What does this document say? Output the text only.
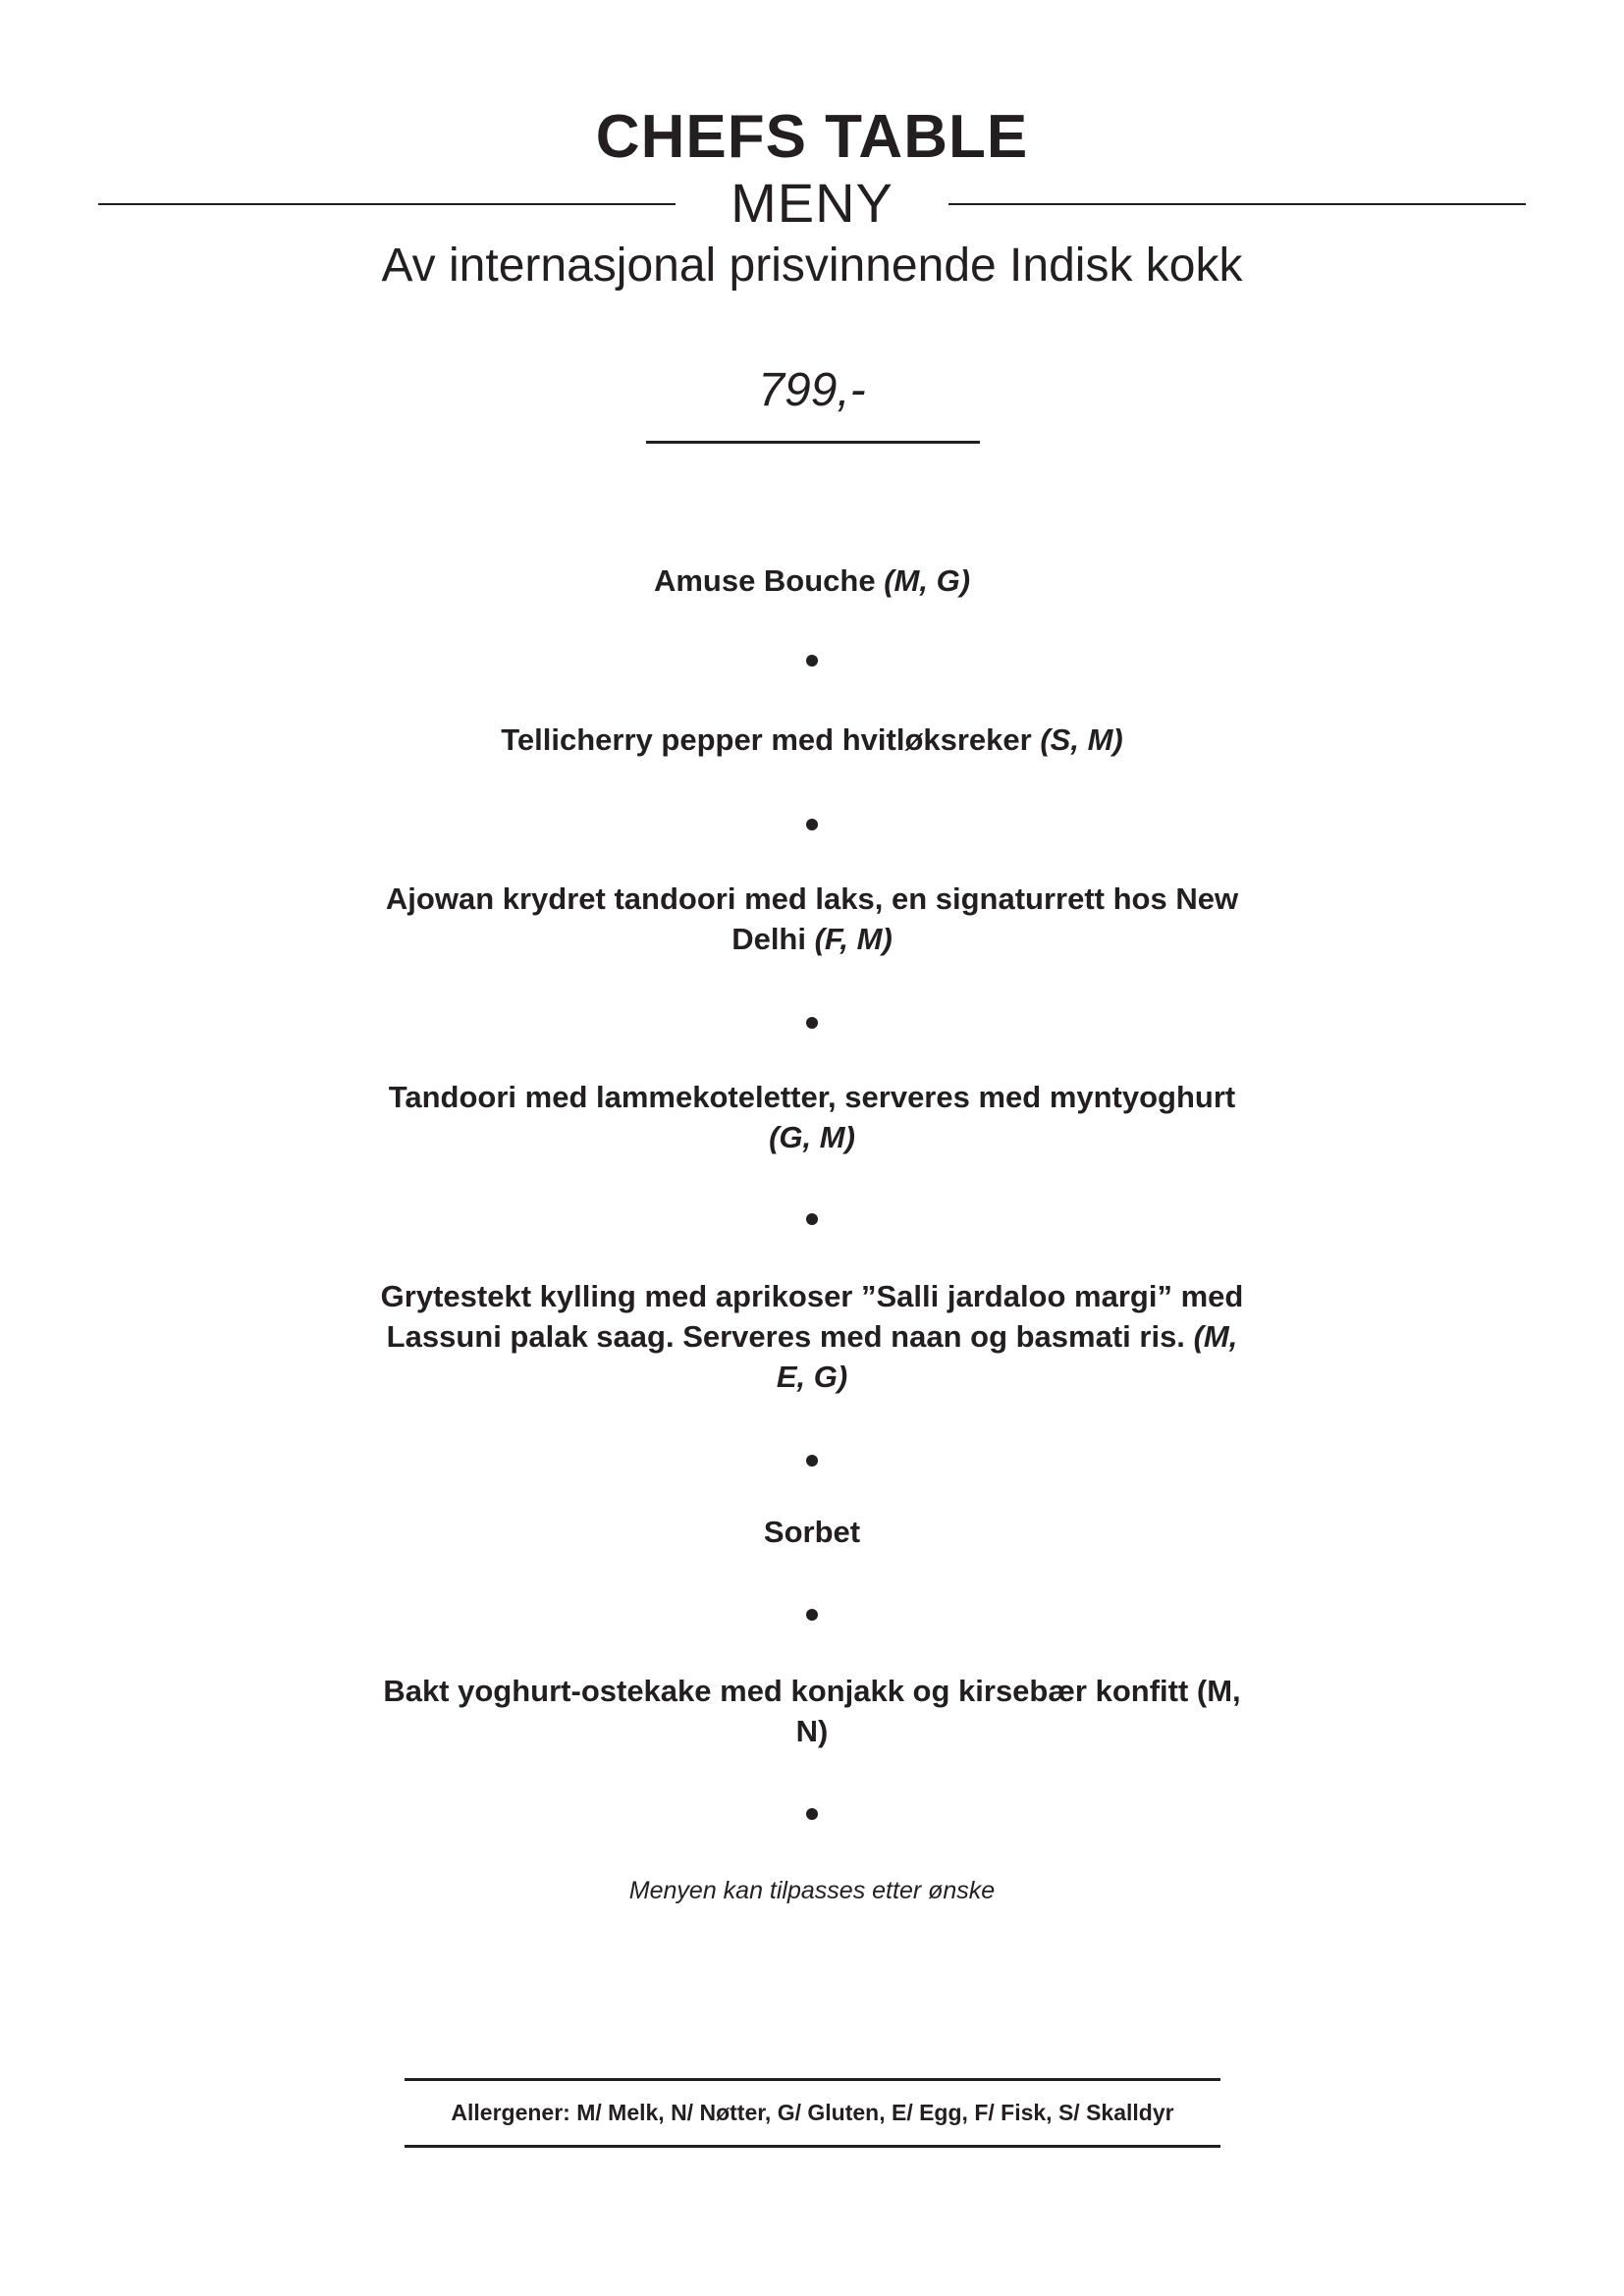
CHEFS TABLE
MENY
Av internasjonal prisvinnende Indisk kokk
799,-
Amuse Bouche (M, G)
Tellicherry pepper med hvitløksreker (S, M)
Ajowan krydret tandoori med laks, en signaturrett hos New Delhi (F, M)
Tandoori med lammekoteletter, serveres med myntyoghurt (G, M)
Grytestekt kylling med aprikoser ”Salli jardaloo margi” med Lassuni palak saag. Serveres med naan og basmati ris. (M, E, G)
Sorbet
Bakt yoghurt-ostekake med konjakk og kirsebær konfitt (M, N)
Menyen kan tilpasses etter ønske
Allergener: M/ Melk, N/ Nøtter, G/ Gluten, E/ Egg, F/ Fisk, S/ Skalldyr
